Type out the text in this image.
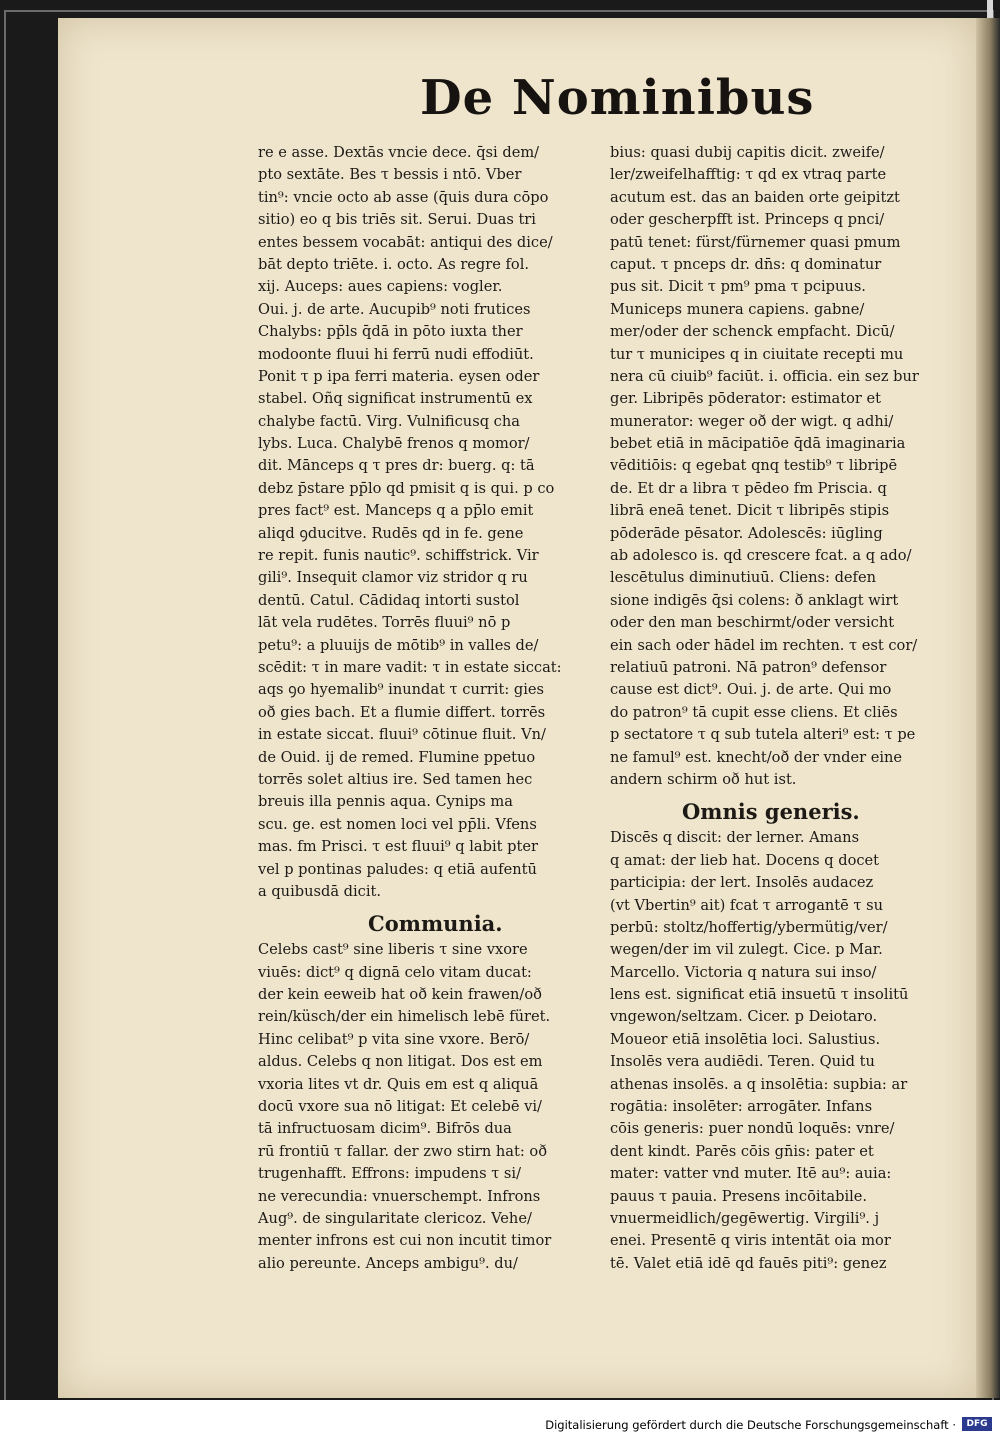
De Nominibus
re e asse. Dextās vncie dece. q̄si dem/
pto sextāte. Bes τ bessis i ntō. Vber
tin⁹: vncie octo ab asse (q̄uis dura cōpo
sitio) eo q bis triēs sit. Serui. Duas tri
entes bessem vocabāt: antiqui des dice/
bāt depto triēte. i. octo. As regre fol.
xij. Auceps: aues capiens: vogler.
Oui. j. de arte. Aucupib⁹ noti frutices
Chalybs: pp̄ls q̄dā in pōto iuxta ther
modoonte fluui hi ferrū nudi effodiūt.
Ponit τ p ipa ferri materia. eysen oder
stabel. Oñq significat instrumentū ex
chalybe factū. Virg. Vulnificusq cha
lybs. Luca. Chalybē frenos q momor/
dit. Mānceps q τ pres dr: buerg. q: tā
debz p̄stare pp̄lo qd pmisit q is qui. p co
pres fact⁹ est. Manceps q a pp̄lo emit
aliqd ꝯducitve. Rudēs qd in fe. gene
re repit. funis nautic⁹. schiffstrick. Vir
gili⁹. Insequit clamor viz stridor q ru
dentū. Catul. Cādidaq intorti sustol
lāt vela rudētes. Torrēs fluui⁹ nō p
petu⁹: a pluuijs de mōtib⁹ in valles de/
scēdit: τ in mare vadit: τ in estate siccat:
aqs ꝯo hyemalib⁹ inundat τ currit: gies
oð gies bach. Et a flumie differt. torrēs
in estate siccat. fluui⁹ cōtinue fluit. Vn/
de Ouid. ij de remed. Flumine ppetuo
torrēs solet altius ire. Sed tamen hec
breuis illa pennis aqua. Cynips ma
scu. ge. est nomen loci vel pp̄li. Vfens
mas. fm Prisci. τ est fluui⁹ q labit pter
vel p pontinas paludes: q etiā aufentū
a quibusdā dicit.
Communia.
Celebs cast⁹ sine liberis τ sine vxore
viuēs: dict⁹ q dignā celo vitam ducat:
der kein eeweib hat oð kein frawen/oð
rein/küsch/der ein himelisch lebē füret.
Hinc celibat⁹ p vita sine vxore. Berō/
aldus. Celebs q non litigat. Dos est em
vxoria lites vt dr. Quis em est q aliquā
docū vxore sua nō litigat: Et celebē vi/
tā infructuosam dicim⁹. Bifrōs dua
rū frontiū τ fallar. der zwo stirn hat: oð
trugenhafft. Effrons: impudens τ si/
ne verecundia: vnuerschempt. Infrons
Aug⁹. de singularitate clericoz. Vehe/
menter infrons est cui non incutit timor
alio pereunte. Anceps ambigu⁹. du/
bius: quasi dubij capitis dicit. zweife/
ler/zweifelhafftig: τ qd ex vtraq parte
acutum est. das an baiden orte geipitzt
oder gescherpfft ist. Princeps q pnci/
patū tenet: fürst/fürnemer quasi pmum
caput. τ pnceps dr. dn̄s: q dominatur
pus sit. Dicit τ pm⁹ pma τ pcipuus.
Municeps munera capiens. gabne/
mer/oder der schenck empfacht. Dicū/
tur τ municipes q in ciuitate recepti mu
nera cū ciuib⁹ faciūt. i. officia. ein sez bur
ger. Libripēs pōderator: estimator et
munerator: weger oð der wigt. q adhi/
bebet etiā in mācipatiōe q̄dā imaginaria
vēditiōis: q egebat qnq testib⁹ τ libripē
de. Et dr a libra τ pēdeo fm Priscia. q
librā eneā tenet. Dicit τ libripēs stipis
pōderāde pēsator. Adolescēs: iūgling
ab adolesco is. qd crescere fcat. a q ado/
lescētulus diminutiuū. Cliens: defen
sione indigēs q̄si colens: ð anklagt wirt
oder den man beschirmt/oder versicht
ein sach oder hādel im rechten. τ est cor/
relatiuū patroni. Nā patron⁹ defensor
cause est dict⁹. Oui. j. de arte. Qui mo
do patron⁹ tā cupit esse cliens. Et cliēs
p sectatore τ q sub tutela alteri⁹ est: τ pe
ne famul⁹ est. knecht/oð der vnder eine
andern schirm oð hut ist.
Omnis generis.
Discēs q discit: der lerner. Amans
q amat: der lieb hat. Docens q docet
participia: der lert. Insolēs audacez
(vt Vbertin⁹ ait) fcat τ arrogantē τ su
perbū: stoltz/hoffertig/ybermütig/ver/
wegen/der im vil zulegt. Cice. p Mar.
Marcello. Victoria q natura sui inso/
lens est. significat etiā insuetū τ insolitū
vngewon/seltzam. Cicer. p Deiotaro.
Moueor etiā insolētia loci. Salustius.
Insolēs vera audiēdi. Teren. Quid tu
athenas insolēs. a q insolētia: supbia: ar
rogātia: insolēter: arrogāter. Infans
cōis generis: puer nondū loquēs: vnre/
dent kindt. Parēs cōis gn̄is: pater et
mater: vatter vnd muter. Itē au⁹: auia:
pauus τ pauia. Presens incōitabile.
vnuermeidlich/gegēwertig. Virgili⁹. j
enei. Presentē q viris intentāt oia mor
tē. Valet etiā idē qd fauēs piti⁹: genez
Digitalisierung gefördert durch die Deutsche Forschungsgemeinschaft ·	DFG
